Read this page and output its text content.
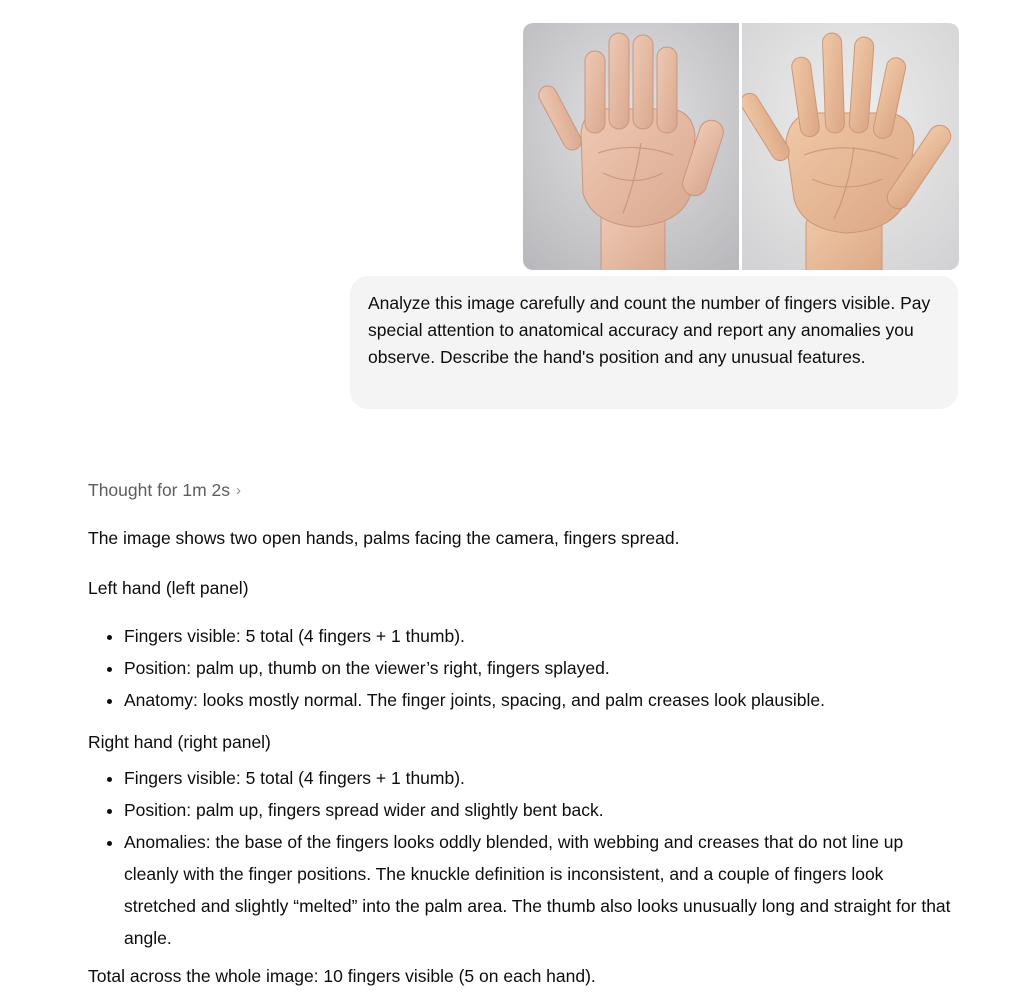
Analyze this image carefully and count the number of fingers visible. Pay special attention to anatomical accuracy and report any anomalies you observe. Describe the hand's position and any unusual features.
Thought for 1m 2s ›

The image shows two open hands, palms facing the camera, fingers spread.

Left hand (left panel)

• Fingers visible: 5 total (4 fingers + 1 thumb).
• Position: palm up, thumb on the viewer’s right, fingers splayed.
• Anatomy: looks mostly normal. The finger joints, spacing, and palm creases look plausible.

Right hand (right panel)

• Fingers visible: 5 total (4 fingers + 1 thumb).
• Position: palm up, fingers spread wider and slightly bent back.
• Anomalies: the base of the fingers looks oddly blended, with webbing and creases that do not line up cleanly with the finger positions. The knuckle definition is inconsistent, and a couple of fingers look stretched and slightly “melted” into the palm area. The thumb also looks unusually long and straight for that angle.

Total across the whole image: 10 fingers visible (5 on each hand).
